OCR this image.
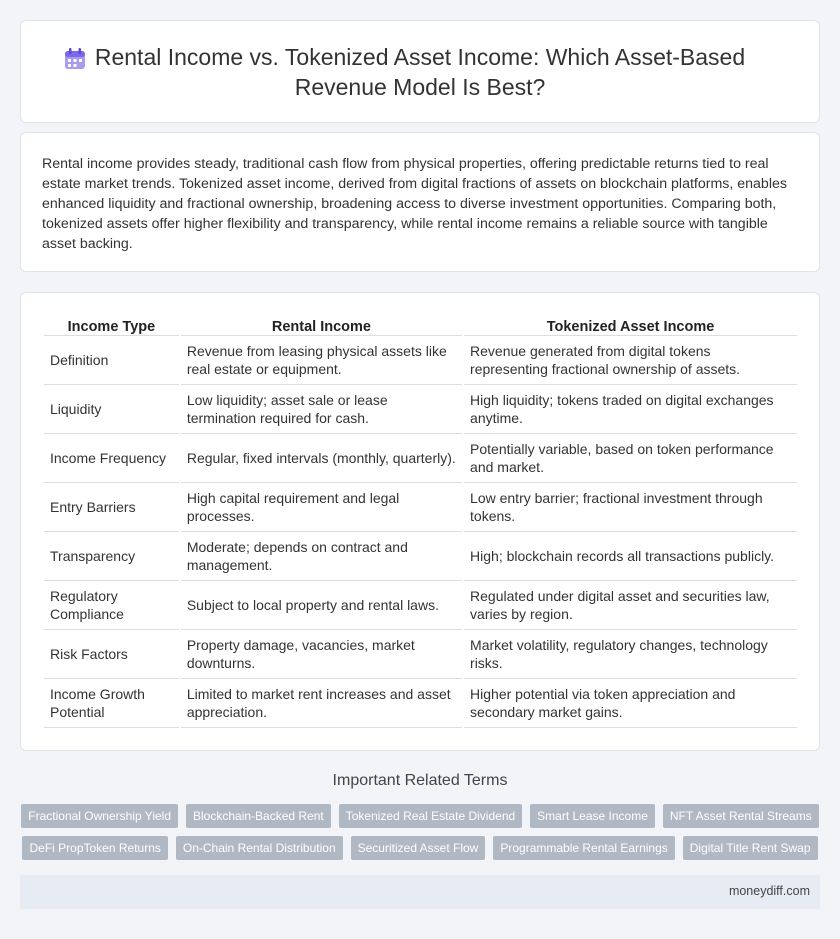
Rental Income vs. Tokenized Asset Income: Which Asset-Based Revenue Model Is Best?

Rental income provides steady, traditional cash flow from physical properties, offering predictable returns tied to real estate market trends. Tokenized asset income, derived from digital fractions of assets on blockchain platforms, enables enhanced liquidity and fractional ownership, broadening access to diverse investment opportunities. Comparing both, tokenized assets offer higher flexibility and transparency, while rental income remains a reliable source with tangible asset backing.

Income Type	Rental Income	Tokenized Asset Income
Definition	Revenue from leasing physical assets like real estate or equipment.	Revenue generated from digital tokens representing fractional ownership of assets.
Liquidity	Low liquidity; asset sale or lease termination required for cash.	High liquidity; tokens traded on digital exchanges anytime.
Income Frequency	Regular, fixed intervals (monthly, quarterly).	Potentially variable, based on token performance and market.
Entry Barriers	High capital requirement and legal processes.	Low entry barrier; fractional investment through tokens.
Transparency	Moderate; depends on contract and management.	High; blockchain records all transactions publicly.
Regulatory Compliance	Subject to local property and rental laws.	Regulated under digital asset and securities law, varies by region.
Risk Factors	Property damage, vacancies, market downturns.	Market volatility, regulatory changes, technology risks.
Income Growth Potential	Limited to market rent increases and asset appreciation.	Higher potential via token appreciation and secondary market gains.
Important Related Terms
Fractional Ownership Yield	Blockchain-Backed Rent	Tokenized Real Estate Dividend	Smart Lease Income	NFT Asset Rental Streams
DeFi PropToken Returns	On-Chain Rental Distribution	Securitized Asset Flow	Programmable Rental Earnings	Digital Title Rent Swap
moneydiff.com
